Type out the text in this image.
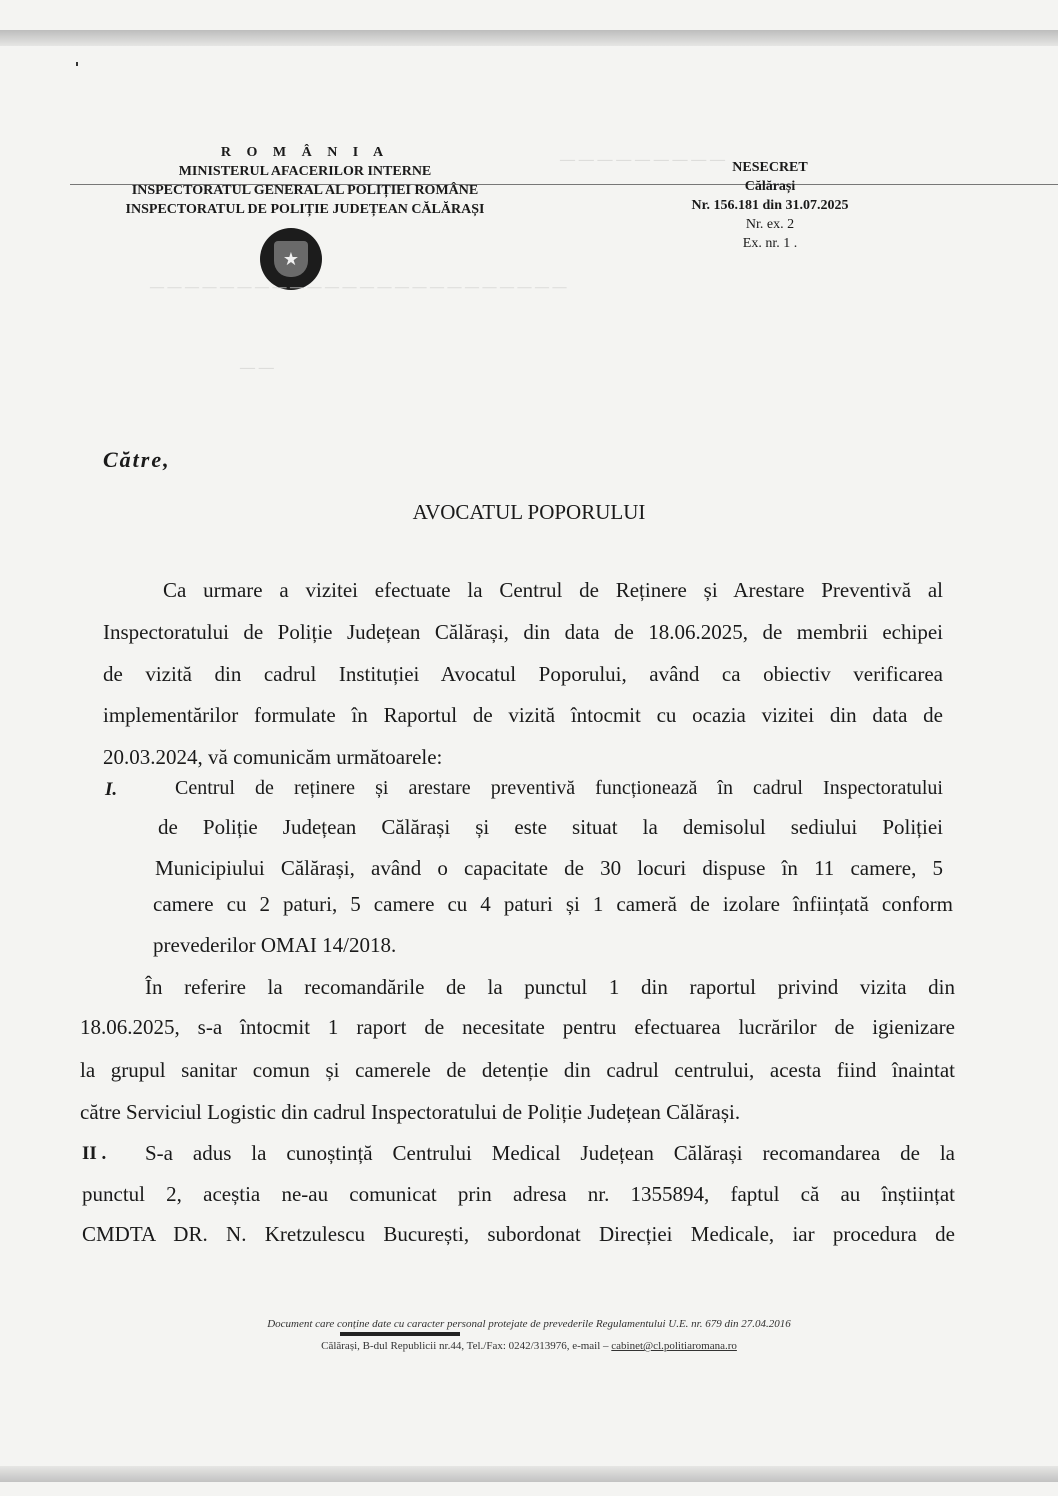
R O M Â N I A
MINISTERUL AFACERILOR INTERNE
INSPECTORATUL GENERAL AL POLIȚIEI ROMÂNE
INSPECTORATUL DE POLIȚIE JUDEȚEAN CĂLĂRAȘI
★
NESECRET
Călărași
Nr. 156.181 din 31.07.2025
Nr. ex. 2
Ex. nr. 1 .
— — — — — — — — —
— — — — — — — — — — — — — — — — — — — — — — — —
— —
Către,
AVOCATUL POPORULUI
Ca urmare a vizitei efectuate la Centrul de Reținere și Arestare Preventivă al
Inspectoratului de Poliție Județean Călărași, din data de 18.06.2025, de membrii echipei
de vizită din cadrul Instituției Avocatul Poporului, având ca obiectiv verificarea
implementărilor formulate în Raportul de vizită întocmit cu ocazia vizitei din data de
20.03.2024, vă comunicăm următoarele:
I.	Centrul de reținere și arestare preventivă funcționează în cadrul Inspectoratului
de Poliție Județean Călărași și este situat la demisolul sediului Poliției
Municipiului Călărași, având o capacitate de 30 locuri dispuse în 11 camere, 5
camere cu 2 paturi, 5 camere cu 4 paturi și 1 cameră de izolare înființată conform
prevederilor OMAI 14/2018.
În referire la recomandările de la punctul 1 din raportul privind vizita din
18.06.2025, s-a întocmit 1 raport de necesitate pentru efectuarea lucrărilor de igienizare
la grupul sanitar comun și camerele de detenție din cadrul centrului, acesta fiind înaintat
către Serviciul Logistic din cadrul Inspectoratului de Poliție Județean Călărași.
II . S-a adus la cunoștință Centrului Medical Județean Călărași recomandarea de la
punctul 2, aceștia ne-au comunicat prin adresa nr. 1355894, faptul că au înștiințat
CMDTA DR. N. Kretzulescu București, subordonat Direcției Medicale, iar procedura de
Document care conține date cu caracter personal protejate de prevederile Regulamentului U.E. nr. 679 din 27.04.2016
Călărași, B-dul Republicii nr.44, Tel./Fax: 0242/313976, e-mail – cabinet@cl.politiaromana.ro
